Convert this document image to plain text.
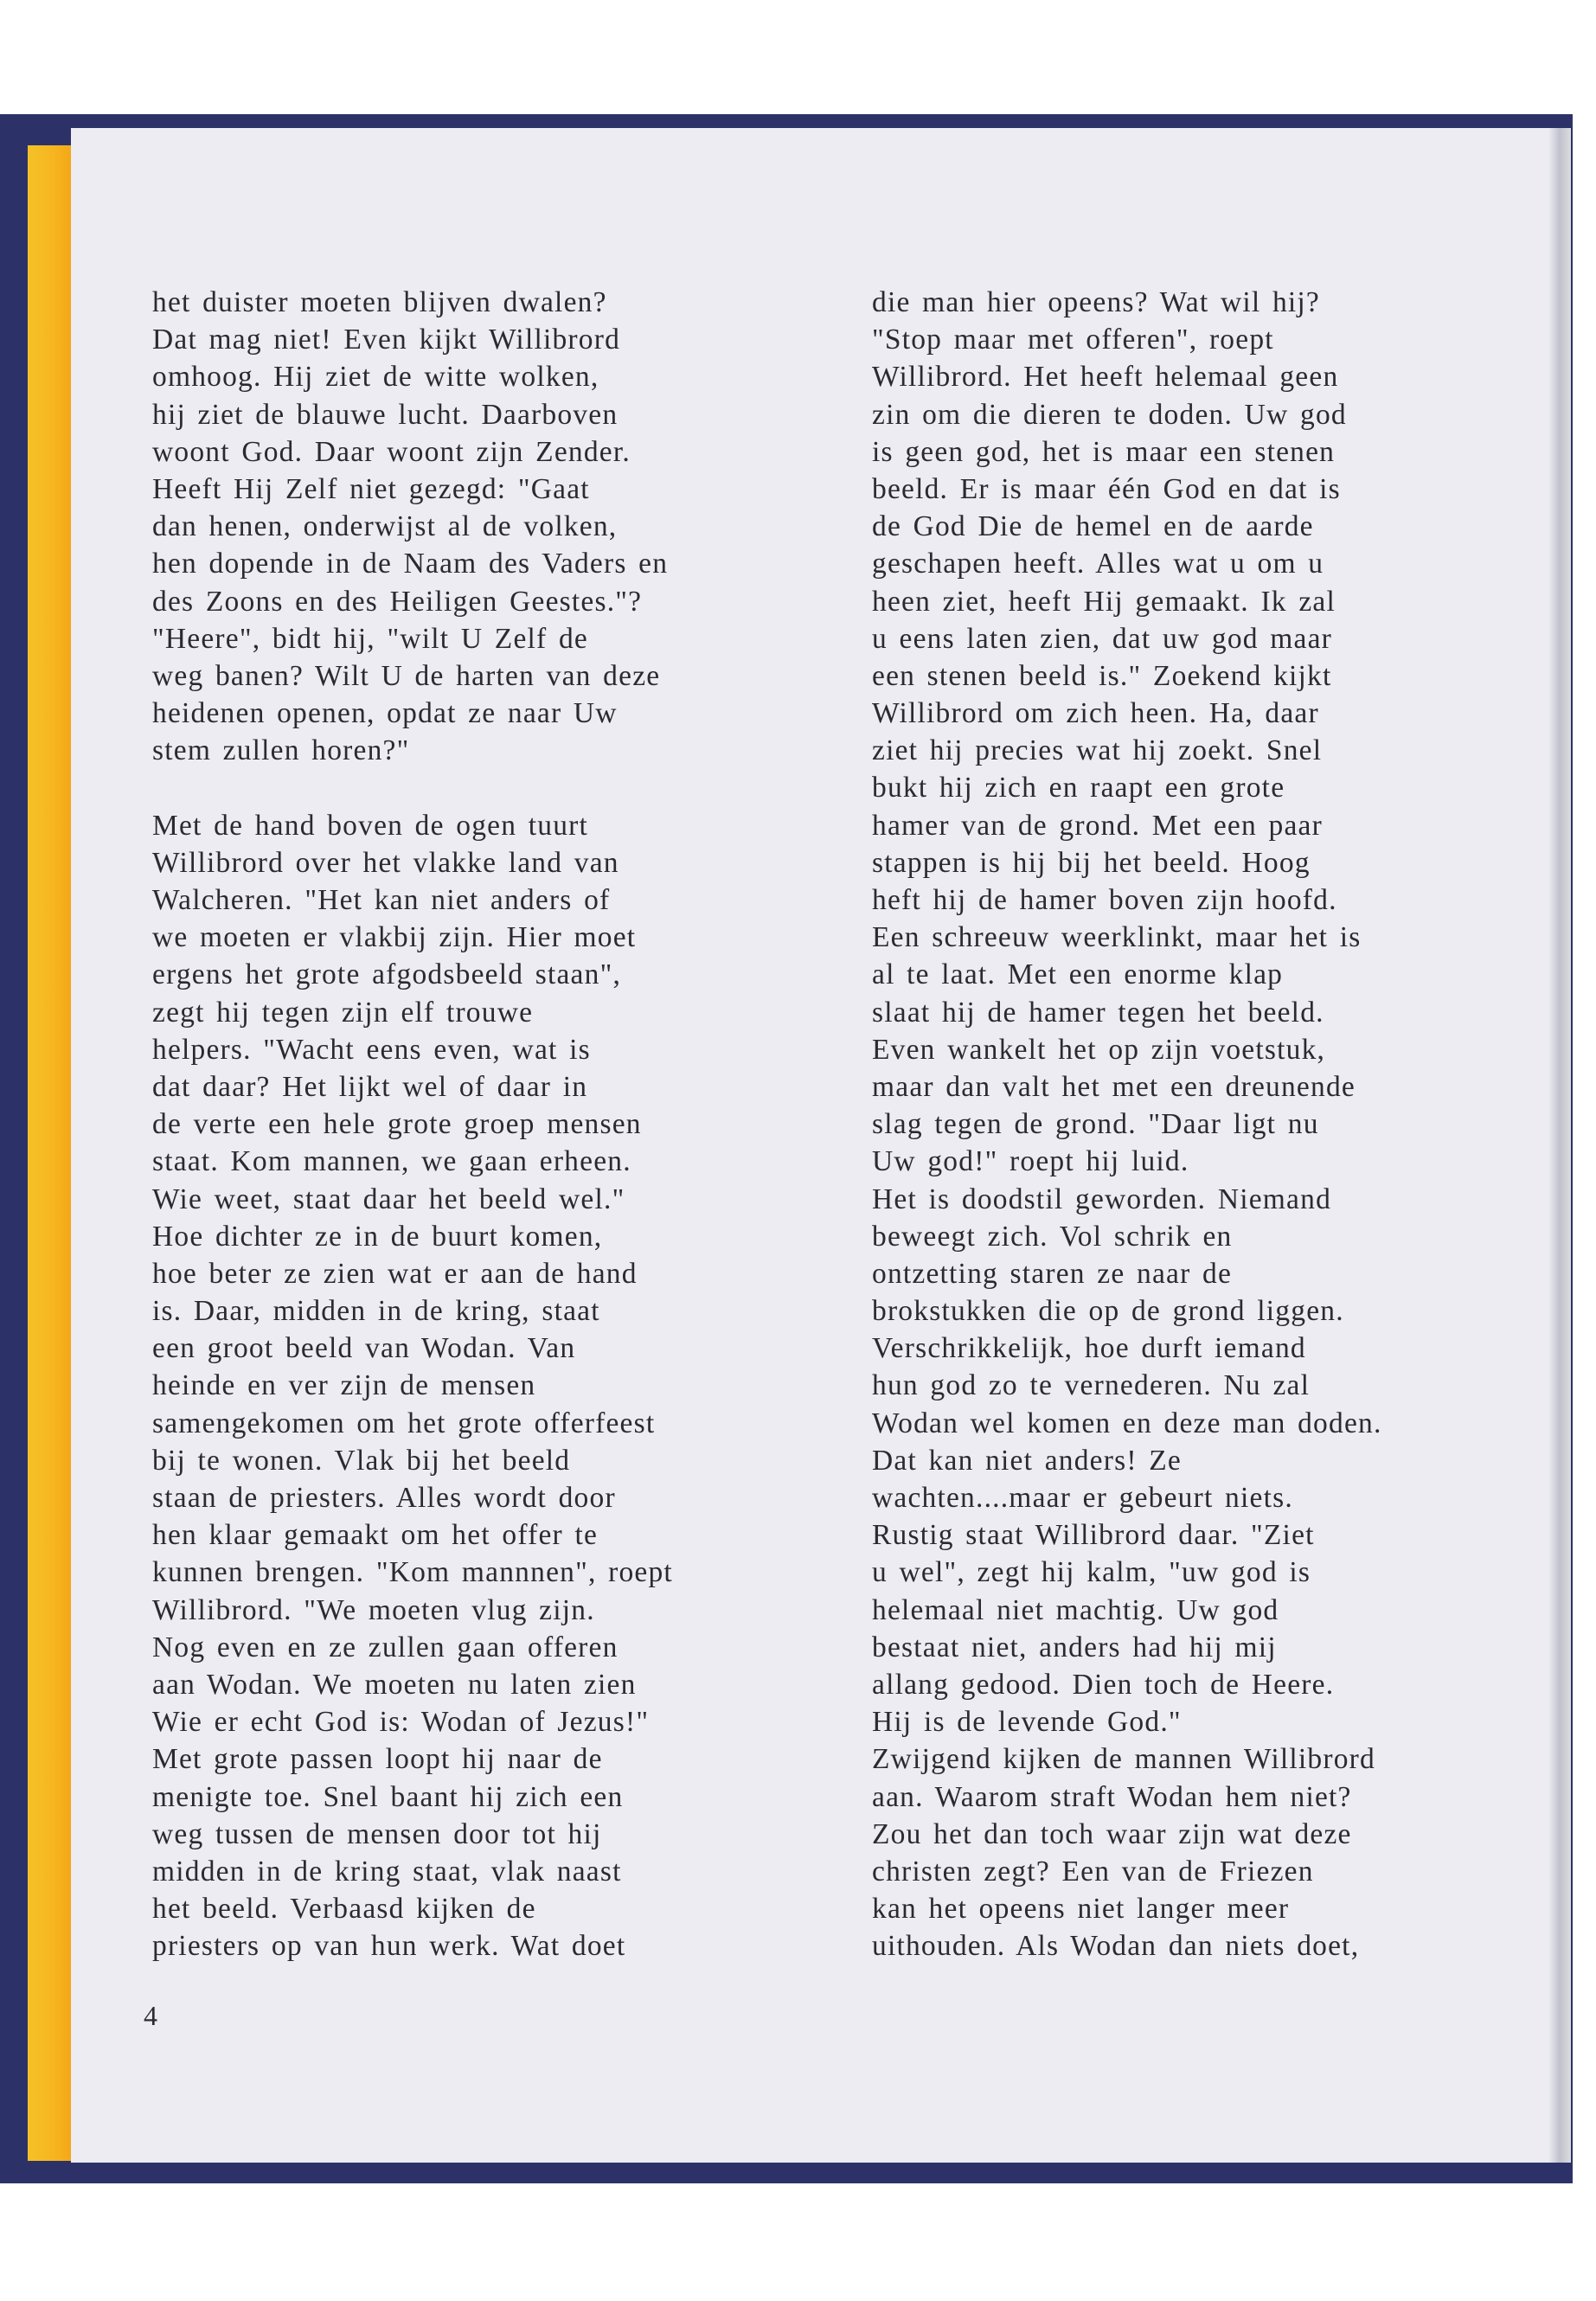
het duister moeten blijven dwalen?
Dat mag niet! Even kijkt Willibrord
omhoog. Hij ziet de witte wolken,
hij ziet de blauwe lucht. Daarboven
woont God. Daar woont zijn Zender.
Heeft Hij Zelf niet gezegd: "Gaat
dan henen, onderwijst al de volken,
hen dopende in de Naam des Vaders en
des Zoons en des Heiligen Geestes."?
"Heere", bidt hij, "wilt U Zelf de
weg banen? Wilt U de harten van deze
heidenen openen, opdat ze naar Uw
stem zullen horen?"
Met de hand boven de ogen tuurt
Willibrord over het vlakke land van
Walcheren. "Het kan niet anders of
we moeten er vlakbij zijn. Hier moet
ergens het grote afgodsbeeld staan",
zegt hij tegen zijn elf trouwe
helpers. "Wacht eens even, wat is
dat daar? Het lijkt wel of daar in
de verte een hele grote groep mensen
staat. Kom mannen, we gaan erheen.
Wie weet, staat daar het beeld wel."
Hoe dichter ze in de buurt komen,
hoe beter ze zien wat er aan de hand
is. Daar, midden in de kring, staat
een groot beeld van Wodan. Van
heinde en ver zijn de mensen
samengekomen om het grote offerfeest
bij te wonen. Vlak bij het beeld
staan de priesters. Alles wordt door
hen klaar gemaakt om het offer te
kunnen brengen. "Kom mannnen", roept
Willibrord. "We moeten vlug zijn.
Nog even en ze zullen gaan offeren
aan Wodan. We moeten nu laten zien
Wie er echt God is: Wodan of Jezus!"
Met grote passen loopt hij naar de
menigte toe. Snel baant hij zich een
weg tussen de mensen door tot hij
midden in de kring staat, vlak naast
het beeld. Verbaasd kijken de
priesters op van hun werk. Wat doet
die man hier opeens? Wat wil hij?
"Stop maar met offeren", roept
Willibrord. Het heeft helemaal geen
zin om die dieren te doden. Uw god
is geen god, het is maar een stenen
beeld. Er is maar één God en dat is
de God Die de hemel en de aarde
geschapen heeft. Alles wat u om u
heen ziet, heeft Hij gemaakt. Ik zal
u eens laten zien, dat uw god maar
een stenen beeld is." Zoekend kijkt
Willibrord om zich heen. Ha, daar
ziet hij precies wat hij zoekt. Snel
bukt hij zich en raapt een grote
hamer van de grond. Met een paar
stappen is hij bij het beeld. Hoog
heft hij de hamer boven zijn hoofd.
Een schreeuw weerklinkt, maar het is
al te laat. Met een enorme klap
slaat hij de hamer tegen het beeld.
Even wankelt het op zijn voetstuk,
maar dan valt het met een dreunende
slag tegen de grond. "Daar ligt nu
Uw god!" roept hij luid.
Het is doodstil geworden. Niemand
beweegt zich. Vol schrik en
ontzetting staren ze naar de
brokstukken die op de grond liggen.
Verschrikkelijk, hoe durft iemand
hun god zo te vernederen. Nu zal
Wodan wel komen en deze man doden.
Dat kan niet anders! Ze
wachten....maar er gebeurt niets.
Rustig staat Willibrord daar. "Ziet
u wel", zegt hij kalm, "uw god is
helemaal niet machtig. Uw god
bestaat niet, anders had hij mij
allang gedood. Dien toch de Heere.
Hij is de levende God."
Zwijgend kijken de mannen Willibrord
aan. Waarom straft Wodan hem niet?
Zou het dan toch waar zijn wat deze
christen zegt? Een van de Friezen
kan het opeens niet langer meer
uithouden. Als Wodan dan niets doet,
4
